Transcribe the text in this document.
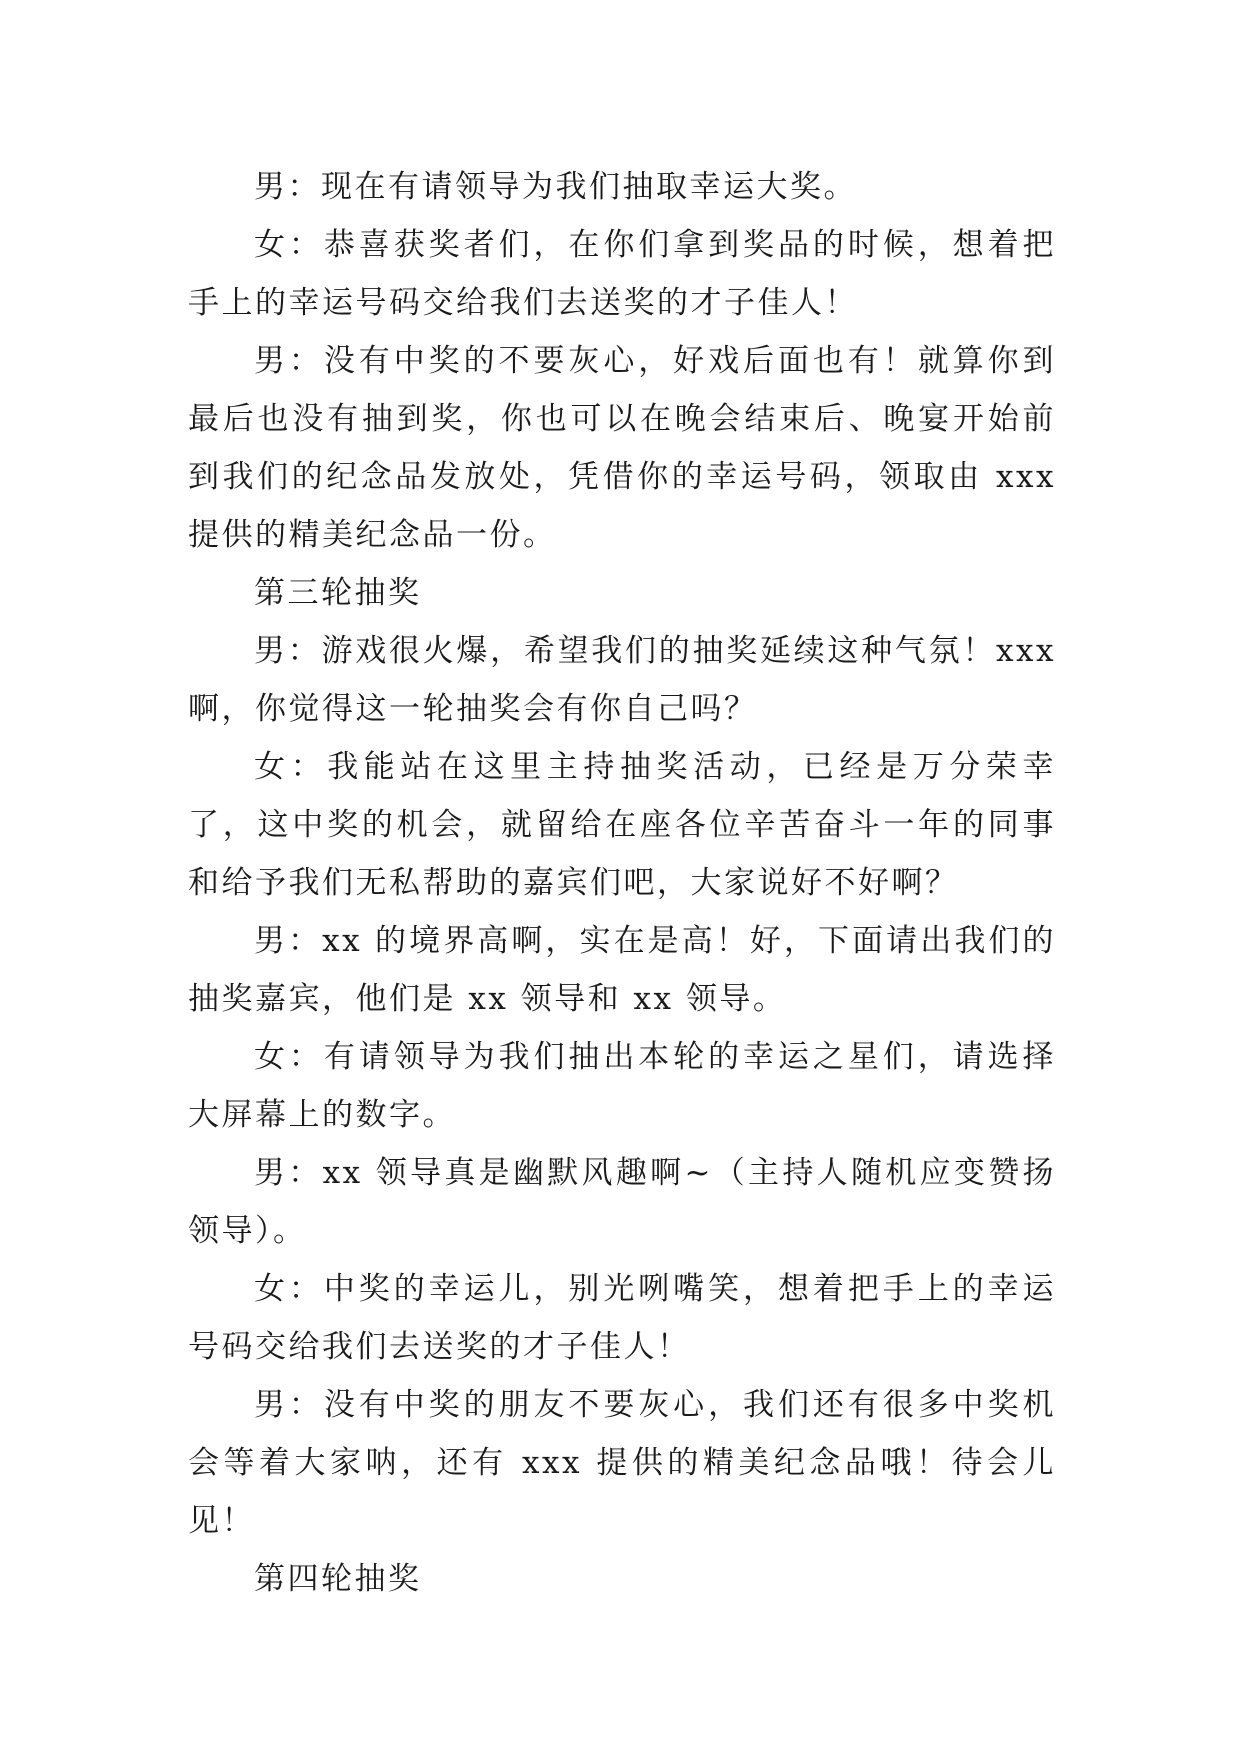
男：现在有请领导为我们抽取幸运大奖。

女：恭喜获奖者们，在你们拿到奖品的时候，想着把手上的幸运号码交给我们去送奖的才子佳人！

男：没有中奖的不要灰心，好戏后面也有！就算你到最后也没有抽到奖，你也可以在晚会结束后、晚宴开始前到我们的纪念品发放处，凭借你的幸运号码，领取由 xxx 提供的精美纪念品一份。

第三轮抽奖

男：游戏很火爆，希望我们的抽奖延续这种气氛！xxx 啊，你觉得这一轮抽奖会有你自己吗？

女：我能站在这里主持抽奖活动，已经是万分荣幸了，这中奖的机会，就留给在座各位辛苦奋斗一年的同事和给予我们无私帮助的嘉宾们吧，大家说好不好啊？

男：xx 的境界高啊，实在是高！好，下面请出我们的抽奖嘉宾，他们是 xx 领导和 xx 领导。

女：有请领导为我们抽出本轮的幸运之星们，请选择大屏幕上的数字。

男：xx 领导真是幽默风趣啊~（主持人随机应变赞扬领导）。

女：中奖的幸运儿，别光咧嘴笑，想着把手上的幸运号码交给我们去送奖的才子佳人！

男：没有中奖的朋友不要灰心，我们还有很多中奖机会等着大家呐，还有 xxx 提供的精美纪念品哦！待会儿见！

第四轮抽奖
